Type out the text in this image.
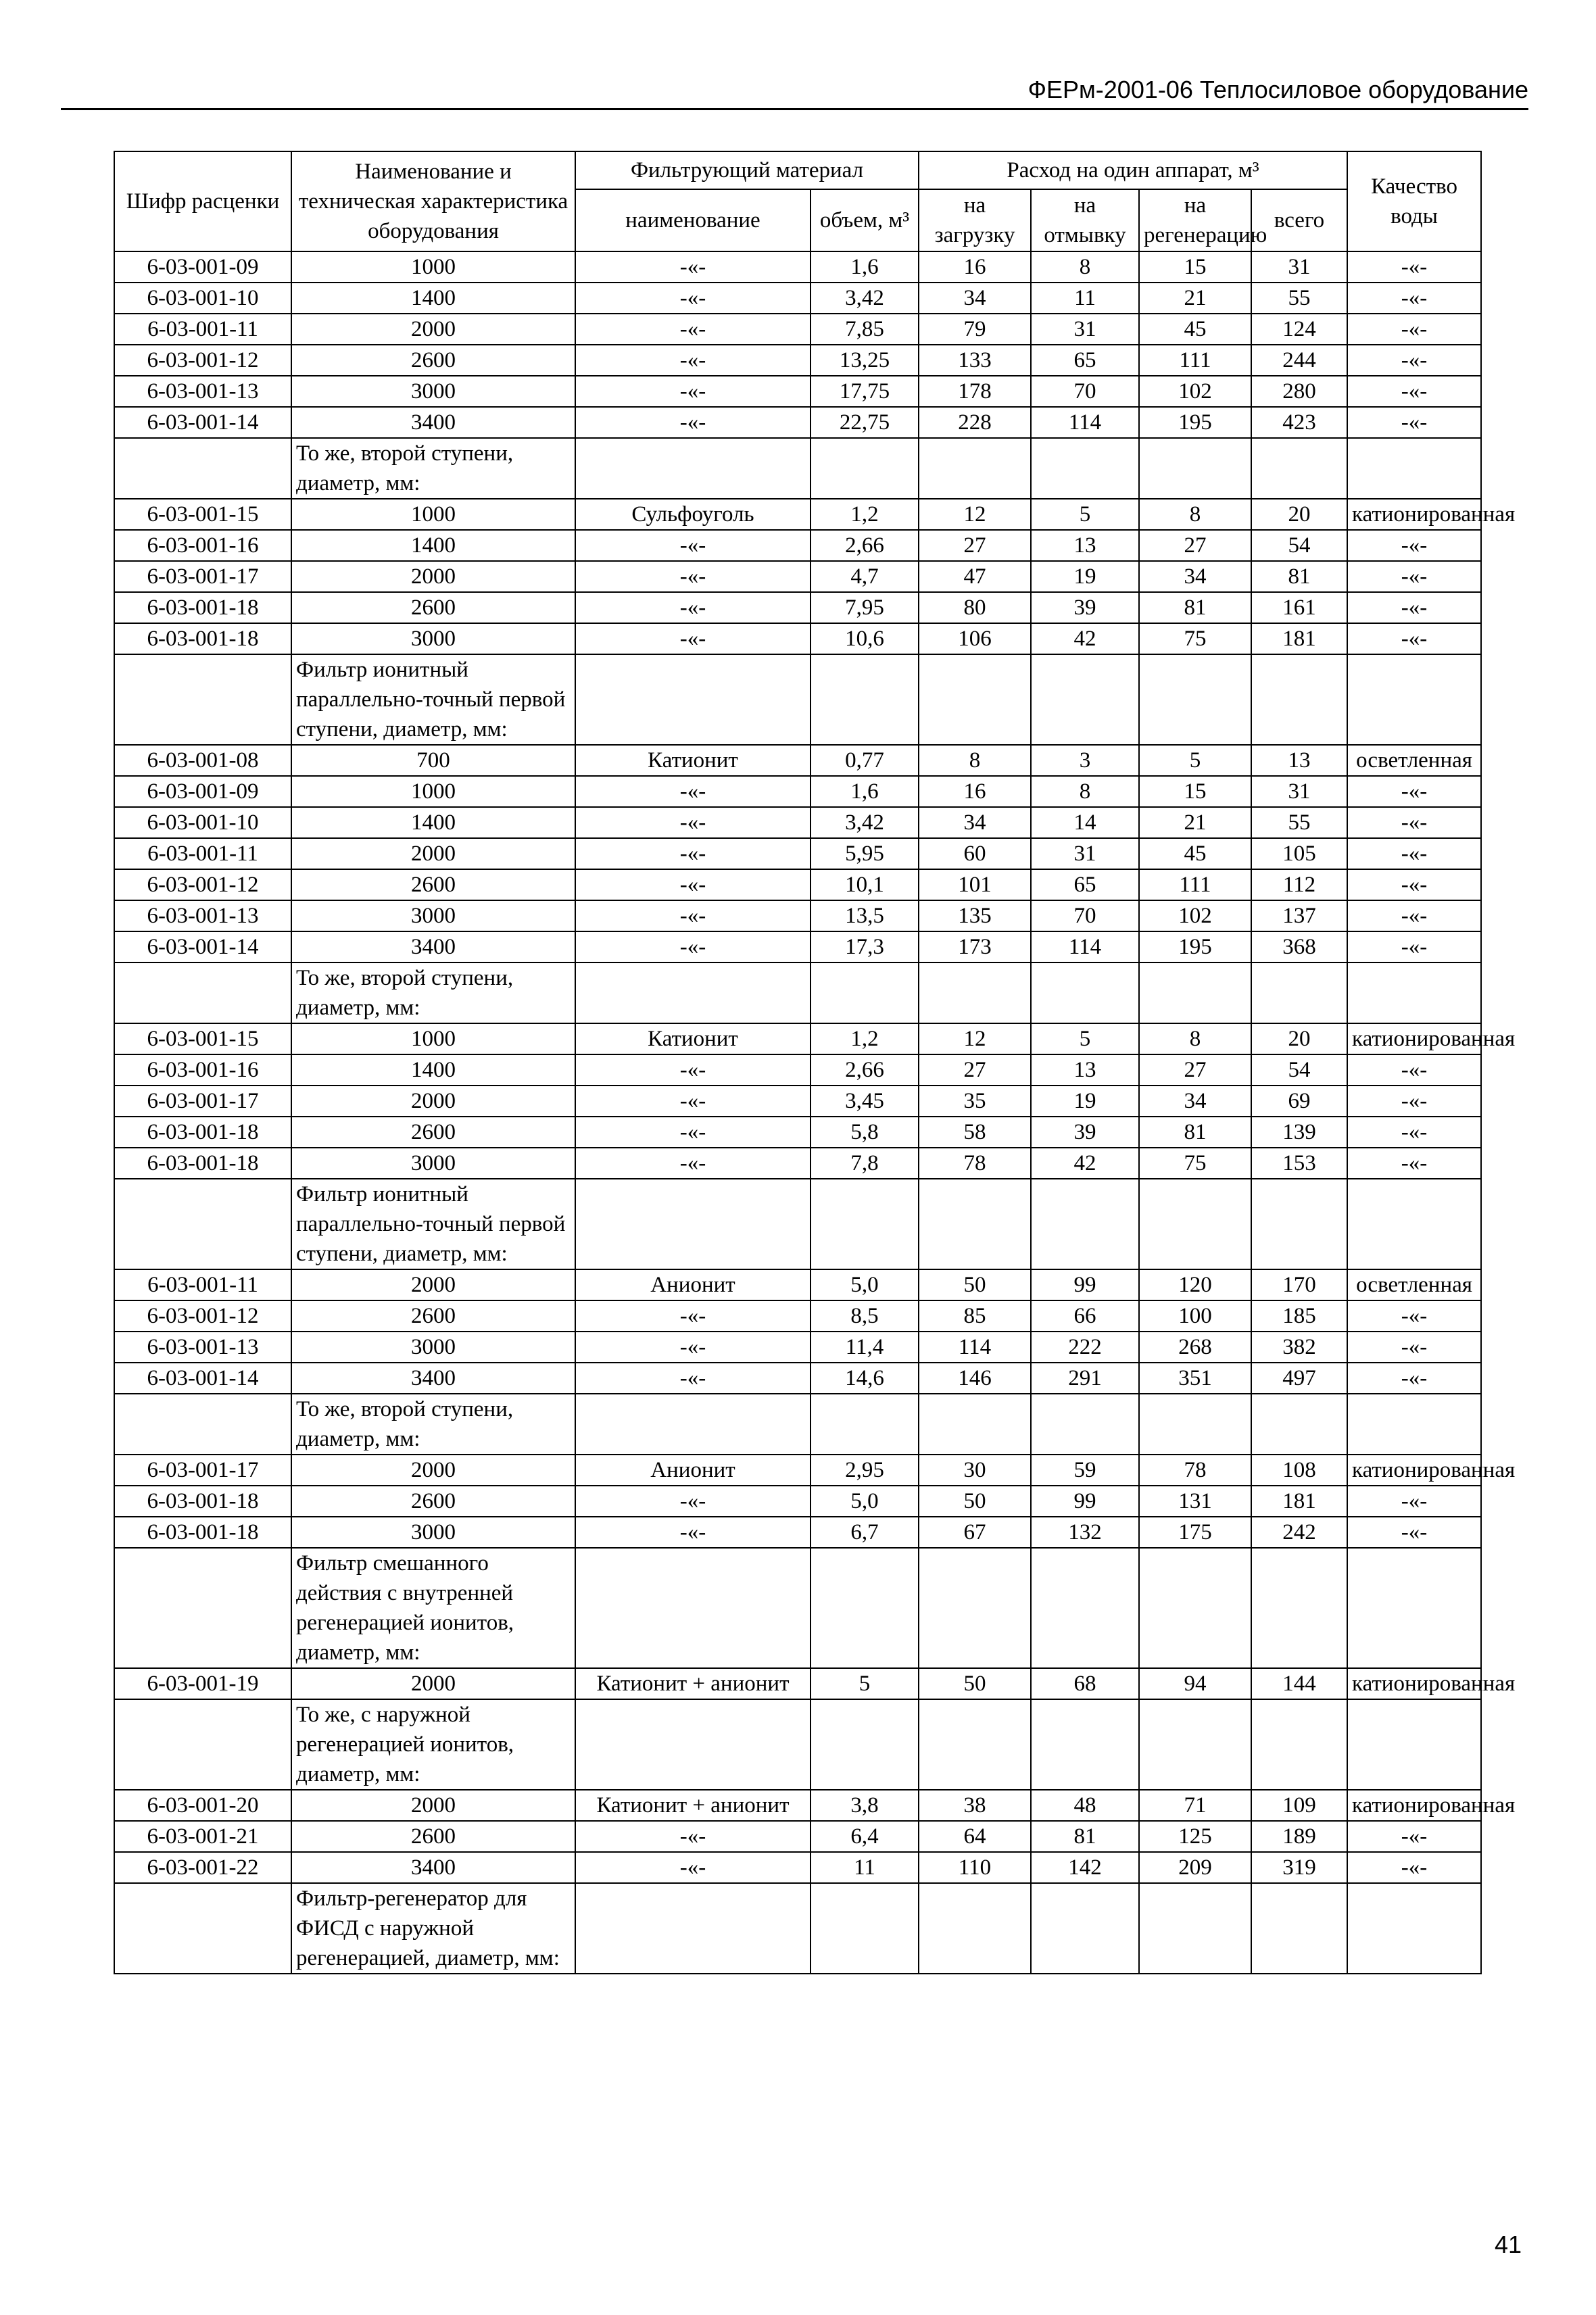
ФЕРм-2001-06 Теплосиловое оборудование
Шифр расценки	Наименование и техническая характеристика оборудования	Фильтрующий материал		Расход на один аппарат, м³				Качество воды
		наименование	объем, м³	на загрузку	на отмывку	на регенерацию	всего	
6-03-001-09	1000	-«-	1,6	16	8	15	31	-«-
6-03-001-10	1400	-«-	3,42	34	11	21	55	-«-
6-03-001-11	2000	-«-	7,85	79	31	45	124	-«-
6-03-001-12	2600	-«-	13,25	133	65	111	244	-«-
6-03-001-13	3000	-«-	17,75	178	70	102	280	-«-
6-03-001-14	3400	-«-	22,75	228	114	195	423	-«-
	То же, второй ступени, диаметр, мм:							
6-03-001-15	1000	Сульфоуголь	1,2	12	5	8	20	катионированная
6-03-001-16	1400	-«-	2,66	27	13	27	54	-«-
6-03-001-17	2000	-«-	4,7	47	19	34	81	-«-
6-03-001-18	2600	-«-	7,95	80	39	81	161	-«-
6-03-001-18	3000	-«-	10,6	106	42	75	181	-«-
	Фильтр ионитный параллельно-точный первой ступени, диаметр, мм:							
6-03-001-08	700	Катионит	0,77	8	3	5	13	осветленная
6-03-001-09	1000	-«-	1,6	16	8	15	31	-«-
6-03-001-10	1400	-«-	3,42	34	14	21	55	-«-
6-03-001-11	2000	-«-	5,95	60	31	45	105	-«-
6-03-001-12	2600	-«-	10,1	101	65	111	112	-«-
6-03-001-13	3000	-«-	13,5	135	70	102	137	-«-
6-03-001-14	3400	-«-	17,3	173	114	195	368	-«-
	То же, второй ступени, диаметр, мм:							
6-03-001-15	1000	Катионит	1,2	12	5	8	20	катионированная
6-03-001-16	1400	-«-	2,66	27	13	27	54	-«-
6-03-001-17	2000	-«-	3,45	35	19	34	69	-«-
6-03-001-18	2600	-«-	5,8	58	39	81	139	-«-
6-03-001-18	3000	-«-	7,8	78	42	75	153	-«-
	Фильтр ионитный параллельно-точный первой ступени, диаметр, мм:							
6-03-001-11	2000	Анионит	5,0	50	99	120	170	осветленная
6-03-001-12	2600	-«-	8,5	85	66	100	185	-«-
6-03-001-13	3000	-«-	11,4	114	222	268	382	-«-
6-03-001-14	3400	-«-	14,6	146	291	351	497	-«-
	То же, второй ступени, диаметр, мм:							
6-03-001-17	2000	Анионит	2,95	30	59	78	108	катионированная
6-03-001-18	2600	-«-	5,0	50	99	131	181	-«-
6-03-001-18	3000	-«-	6,7	67	132	175	242	-«-
	Фильтр смешанного действия с внутренней регенерацией ионитов, диаметр, мм:							
6-03-001-19	2000	Катионит + анионит	5	50	68	94	144	катионированная
	То же, с наружной регенерацией ионитов, диаметр, мм:							
6-03-001-20	2000	Катионит + анионит	3,8	38	48	71	109	катионированная
6-03-001-21	2600	-«-	6,4	64	81	125	189	-«-
6-03-001-22	3400	-«-	11	110	142	209	319	-«-
	Фильтр-регенератор для ФИСД с наружной регенерацией, диаметр, мм:							
41
